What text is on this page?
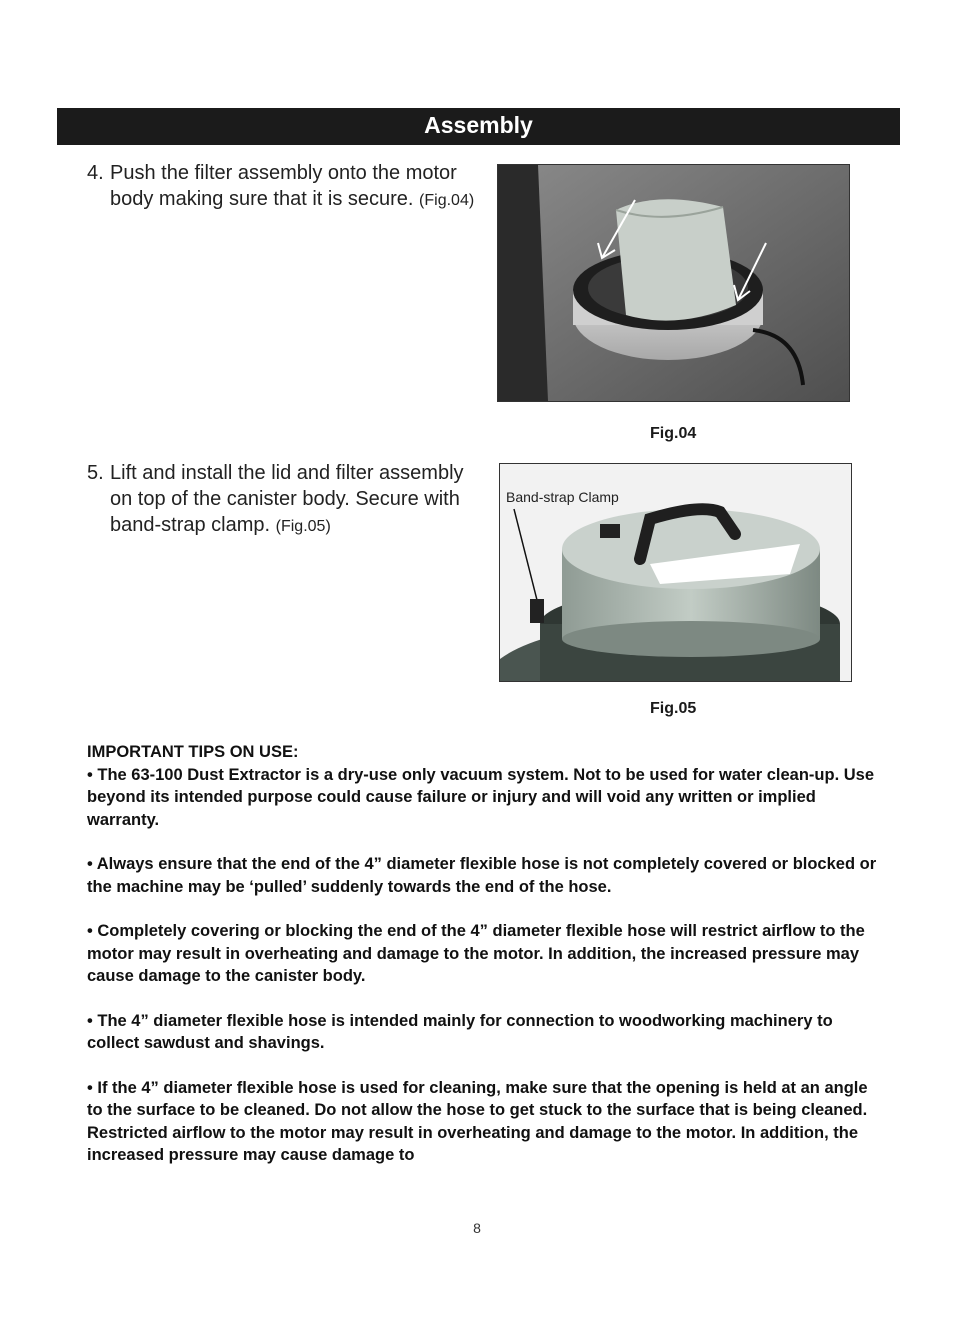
Assembly
4. Push the filter assembly onto the motor body making sure that it is secure. (Fig.04)
Fig.04
5. Lift and install the lid and filter assembly on top of the canister body. Secure with band-strap clamp. (Fig.05)
Band-strap Clamp
Fig.05

IMPORTANT TIPS ON USE:

• The 63-100 Dust Extractor is a dry-use only vacuum system. Not to be used for water clean-up. Use beyond its intended purpose could cause failure or injury and will void any written or implied warranty.

• Always ensure that the end of the 4” diameter flexible hose is not completely covered or blocked or the machine may be ‘pulled’ suddenly towards the end of the hose.

• Completely covering or blocking the end of the 4” diameter flexible hose will restrict airflow to the motor may result in overheating and damage to the motor. In addition, the increased pressure may cause damage to the canister body.

• The 4” diameter flexible hose is intended mainly for connection to woodworking machinery to collect sawdust and shavings.

• If the 4” diameter flexible hose is used for cleaning, make sure that the opening is held at an angle to the surface to be cleaned. Do not allow the hose to get stuck to the surface that is being cleaned. Restricted airflow to the motor may result in overheating and damage to the motor. In addition, the increased pressure may cause damage to

8
